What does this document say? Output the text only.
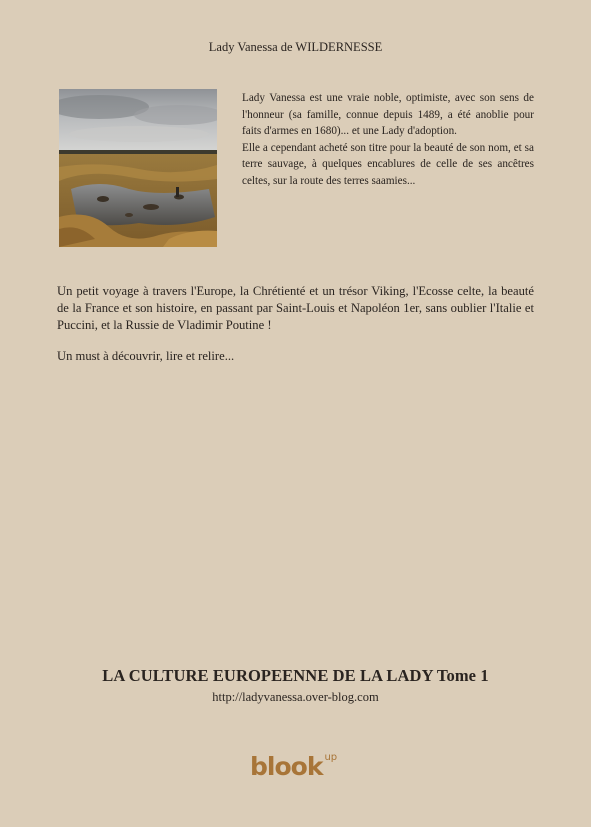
Lady Vanessa de WILDERNESSE

Lady Vanessa est une vraie noble, optimiste, avec son sens de l'honneur (sa famille, connue depuis 1489, a été anoblie pour faits d'armes en 1680)... et une Lady d'adoption.

Elle a cependant acheté son titre pour la beauté de son nom, et sa terre sauvage, à quelques encablures de celle de ses ancêtres celtes, sur la route des terres saamies...

Un petit voyage à travers l'Europe, la Chrétienté et un trésor Viking, l'Ecosse celte, la beauté de la France et son histoire, en passant par Saint-Louis et Napoléon 1er, sans oublier l'Italie et Puccini, et la Russie de Vladimir Poutine !

Un must à découvrir, lire et relire...

LA CULTURE EUROPEENNE DE LA LADY Tome 1
http://ladyvanessa.over-blog.com
blook $^{up}$
